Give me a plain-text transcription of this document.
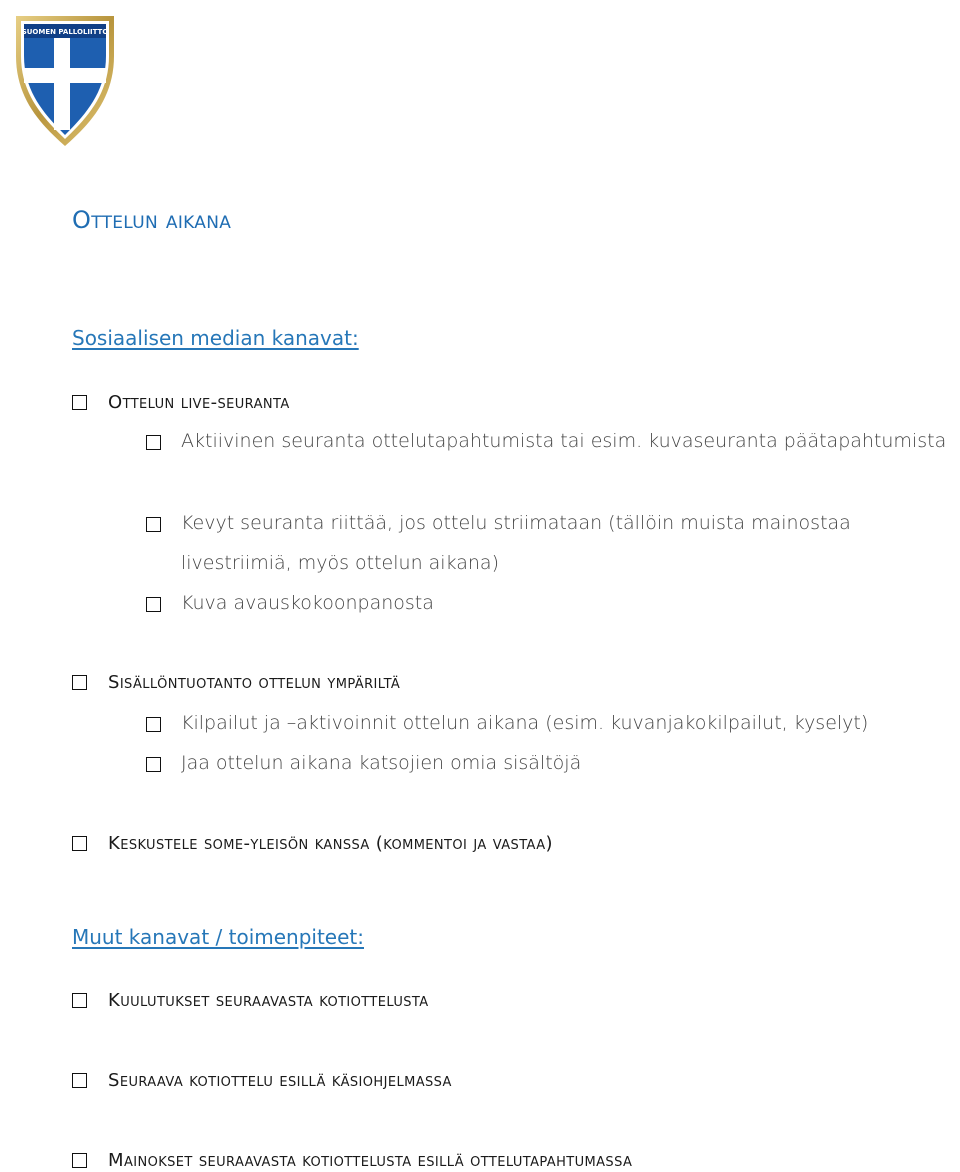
SUOMEN PALLOLIITTO
Ottelun aikana

Sosiaalisen median kanavat:

Ottelun live-seuranta
Aktiivinen seuranta ottelutapahtumista tai esim. kuvaseuranta päätapahtumista
Kevyt seuranta riittää, jos ottelu striimataan (tällöin muista mainostaa livestriimiä, myös ottelun aikana)
Kuva avauskokoonpanosta
Sisällöntuotanto ottelun ympäriltä
Kilpailut ja –aktivoinnit ottelun aikana (esim. kuvanjakokilpailut, kyselyt)
Jaa ottelun aikana katsojien omia sisältöjä
Keskustele some-yleisön kanssa (kommentoi ja vastaa)

Muut kanavat / toimenpiteet:

Kuulutukset seuraavasta kotiottelusta
Seuraava kotiottelu esillä käsiohjelmassa
Mainokset seuraavasta kotiottelusta esillä ottelutapahtumassa
